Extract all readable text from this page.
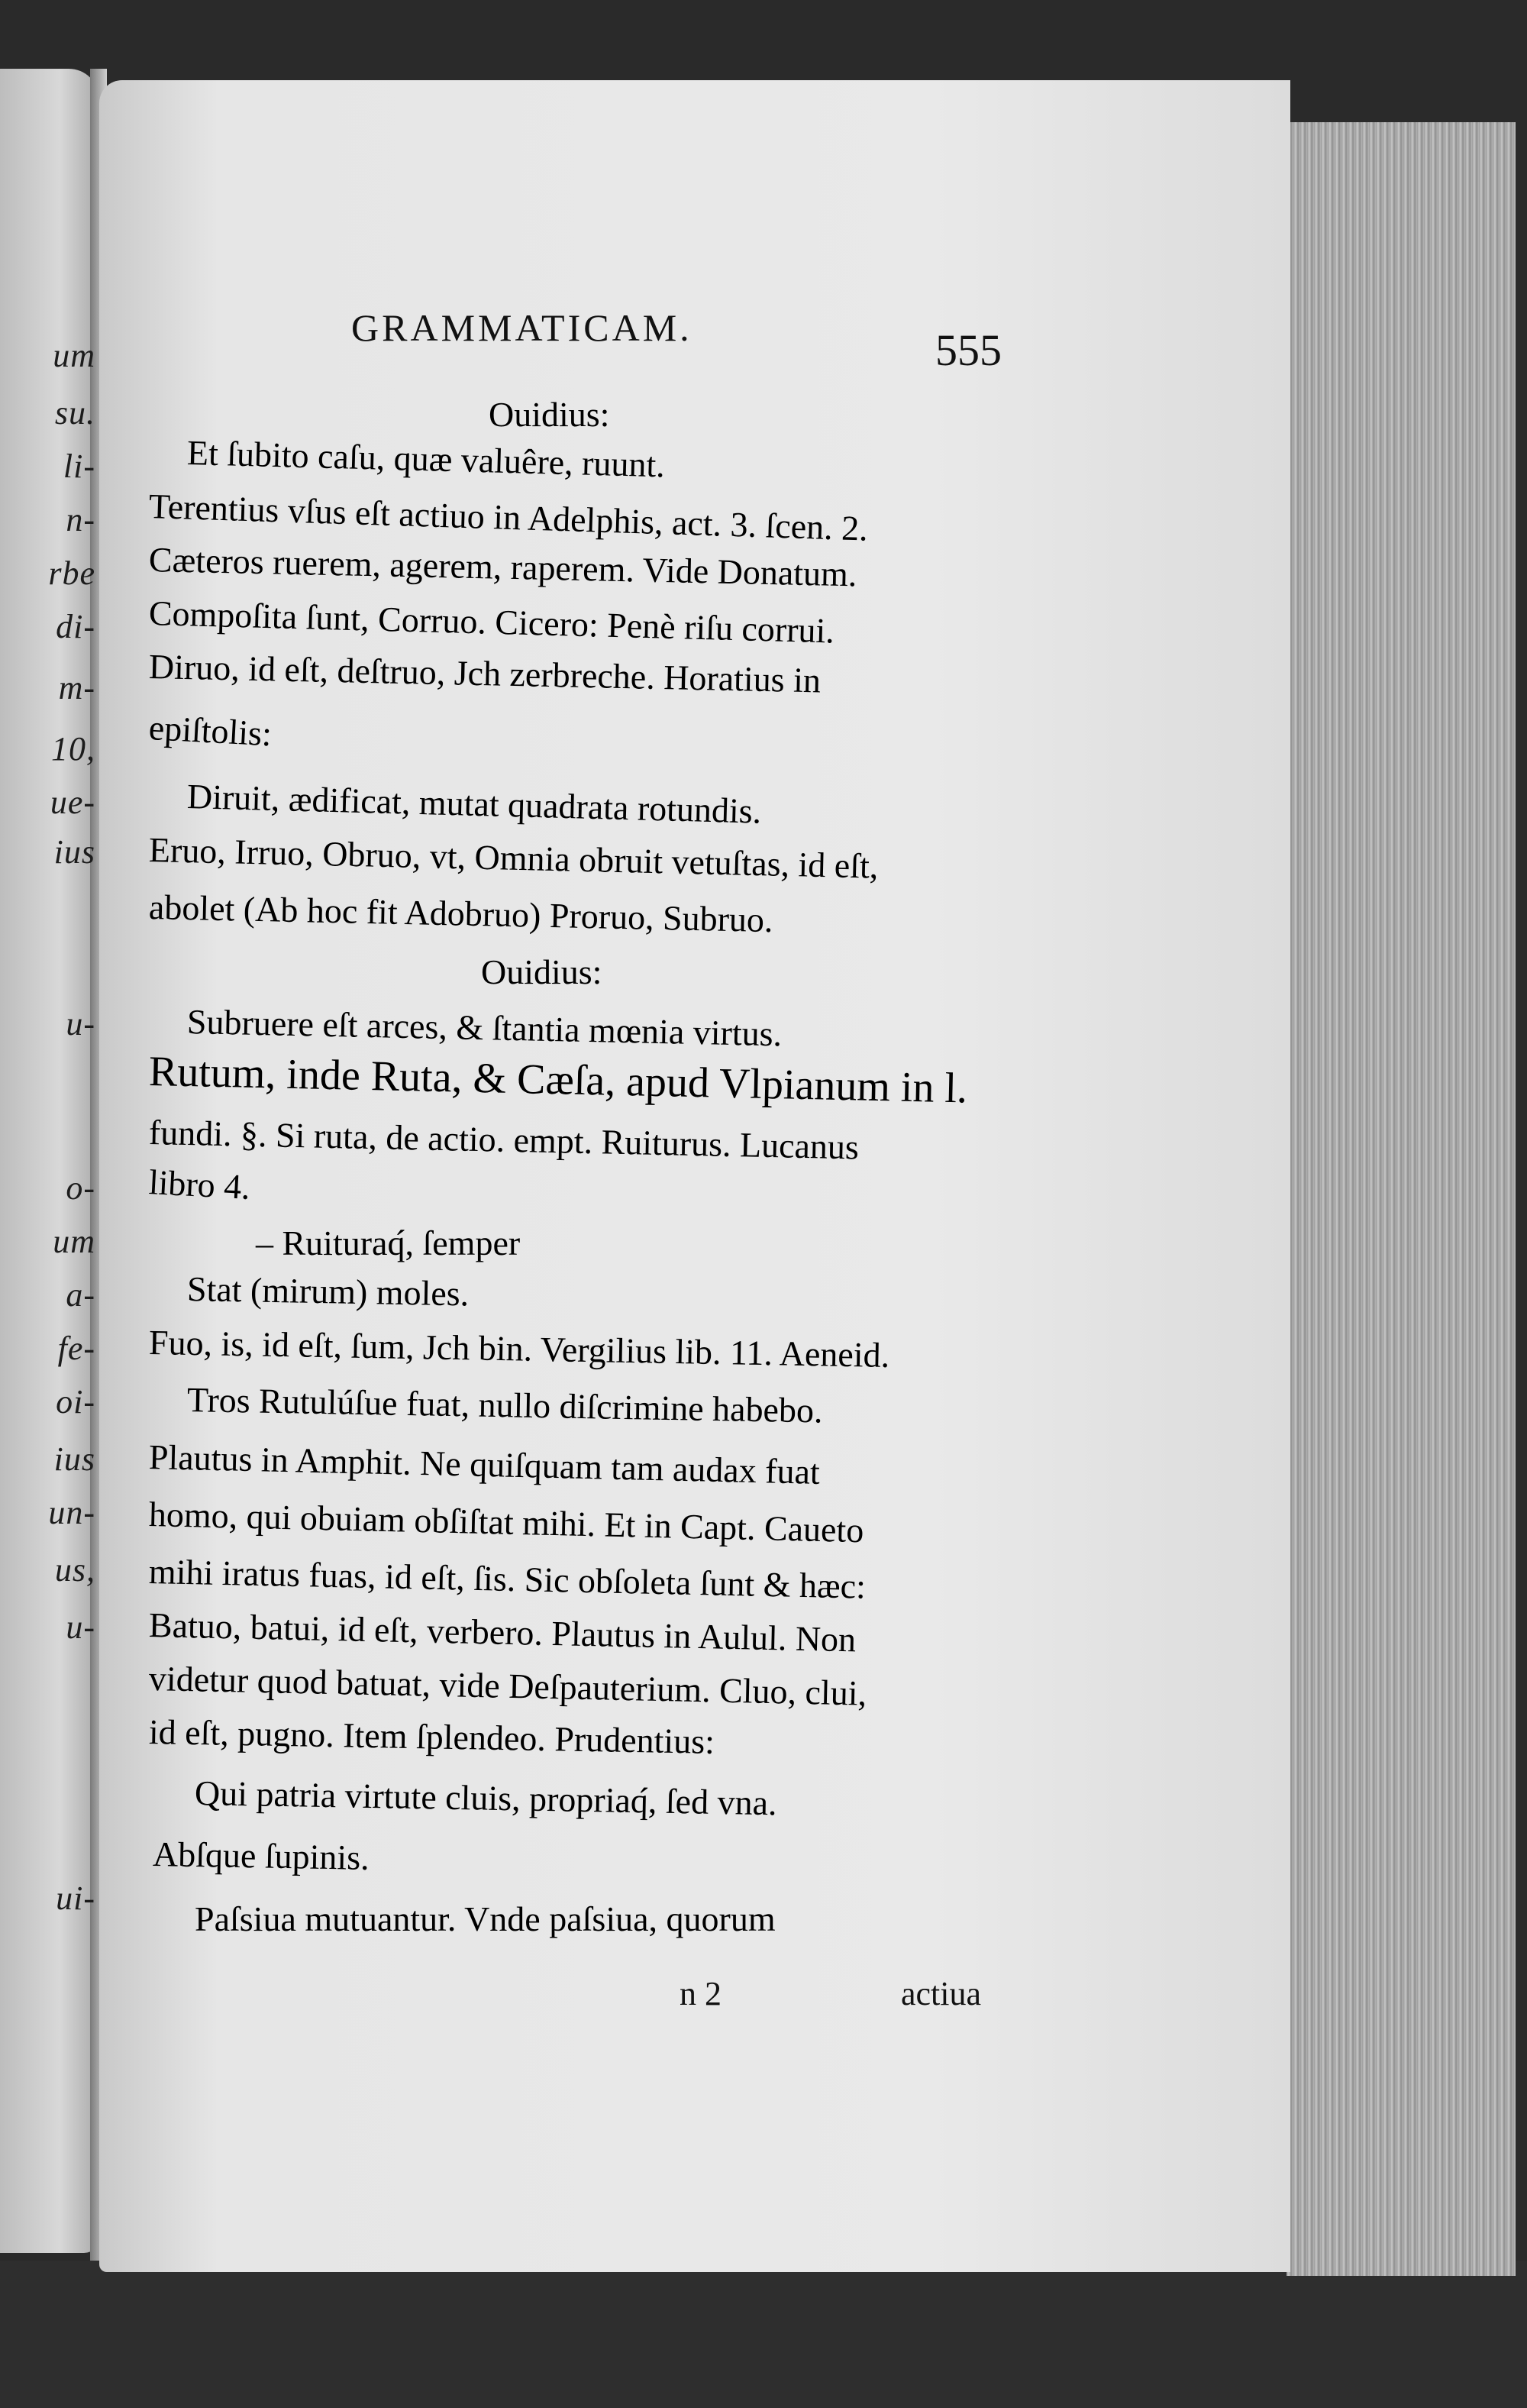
um
su.
li-
n-
rbe
di-
m-
10,
ue-
ius
u-
o-
um
a-
fe-
oi-
ius
un-
us,
u-
ui-
GRAMMATICAM.	555
Ouidius:
Et ſubito caſu, quæ valuêre, ruunt.
Terentius vſus eſt actiuo in Adelphis, act. 3. ſcen. 2.
Cæteros ruerem, agerem, raperem. Vide Donatum.
Compoſita ſunt, Corruo. Cicero: Penè riſu corrui.
Diruo, id eſt, deſtruo, Jch zerbreche. Horatius in
epiſtolis:
Diruit, ædificat, mutat quadrata rotundis.
Eruo, Irruo, Obruo, vt, Omnia obruit vetuſtas, id eſt,
abolet (Ab hoc fit Adobruo) Proruo, Subruo.
Ouidius:
Subruere eſt arces, & ſtantia mœnia virtus.
Rutum, inde Ruta, & Cæſa, apud Vlpianum in l.
fundi. §. Si ruta, de actio. empt. Ruiturus. Lucanus
libro 4.
– Ruituraq́, ſemper
Stat (mirum) moles.
Fuo, is, id eſt, ſum, Jch bin. Vergilius lib. 11. Aeneid.
Tros Rutulúſue fuat, nullo diſcrimine habebo.
Plautus in Amphit. Ne quiſquam tam audax fuat
homo, qui obuiam obſiſtat mihi. Et in Capt. Caueto
mihi iratus fuas, id eſt, ſis. Sic obſoleta ſunt & hæc:
Batuo, batui, id eſt, verbero. Plautus in Aulul. Non
videtur quod batuat, vide Deſpauterium. Cluo, clui,
id eſt, pugno. Item ſplendeo. Prudentius:
Qui patria virtute cluis, propriaq́, ſed vna.
Abſque ſupinis.
Paſsiua mutuantur. Vnde paſsiua, quorum
n 2	actiua
